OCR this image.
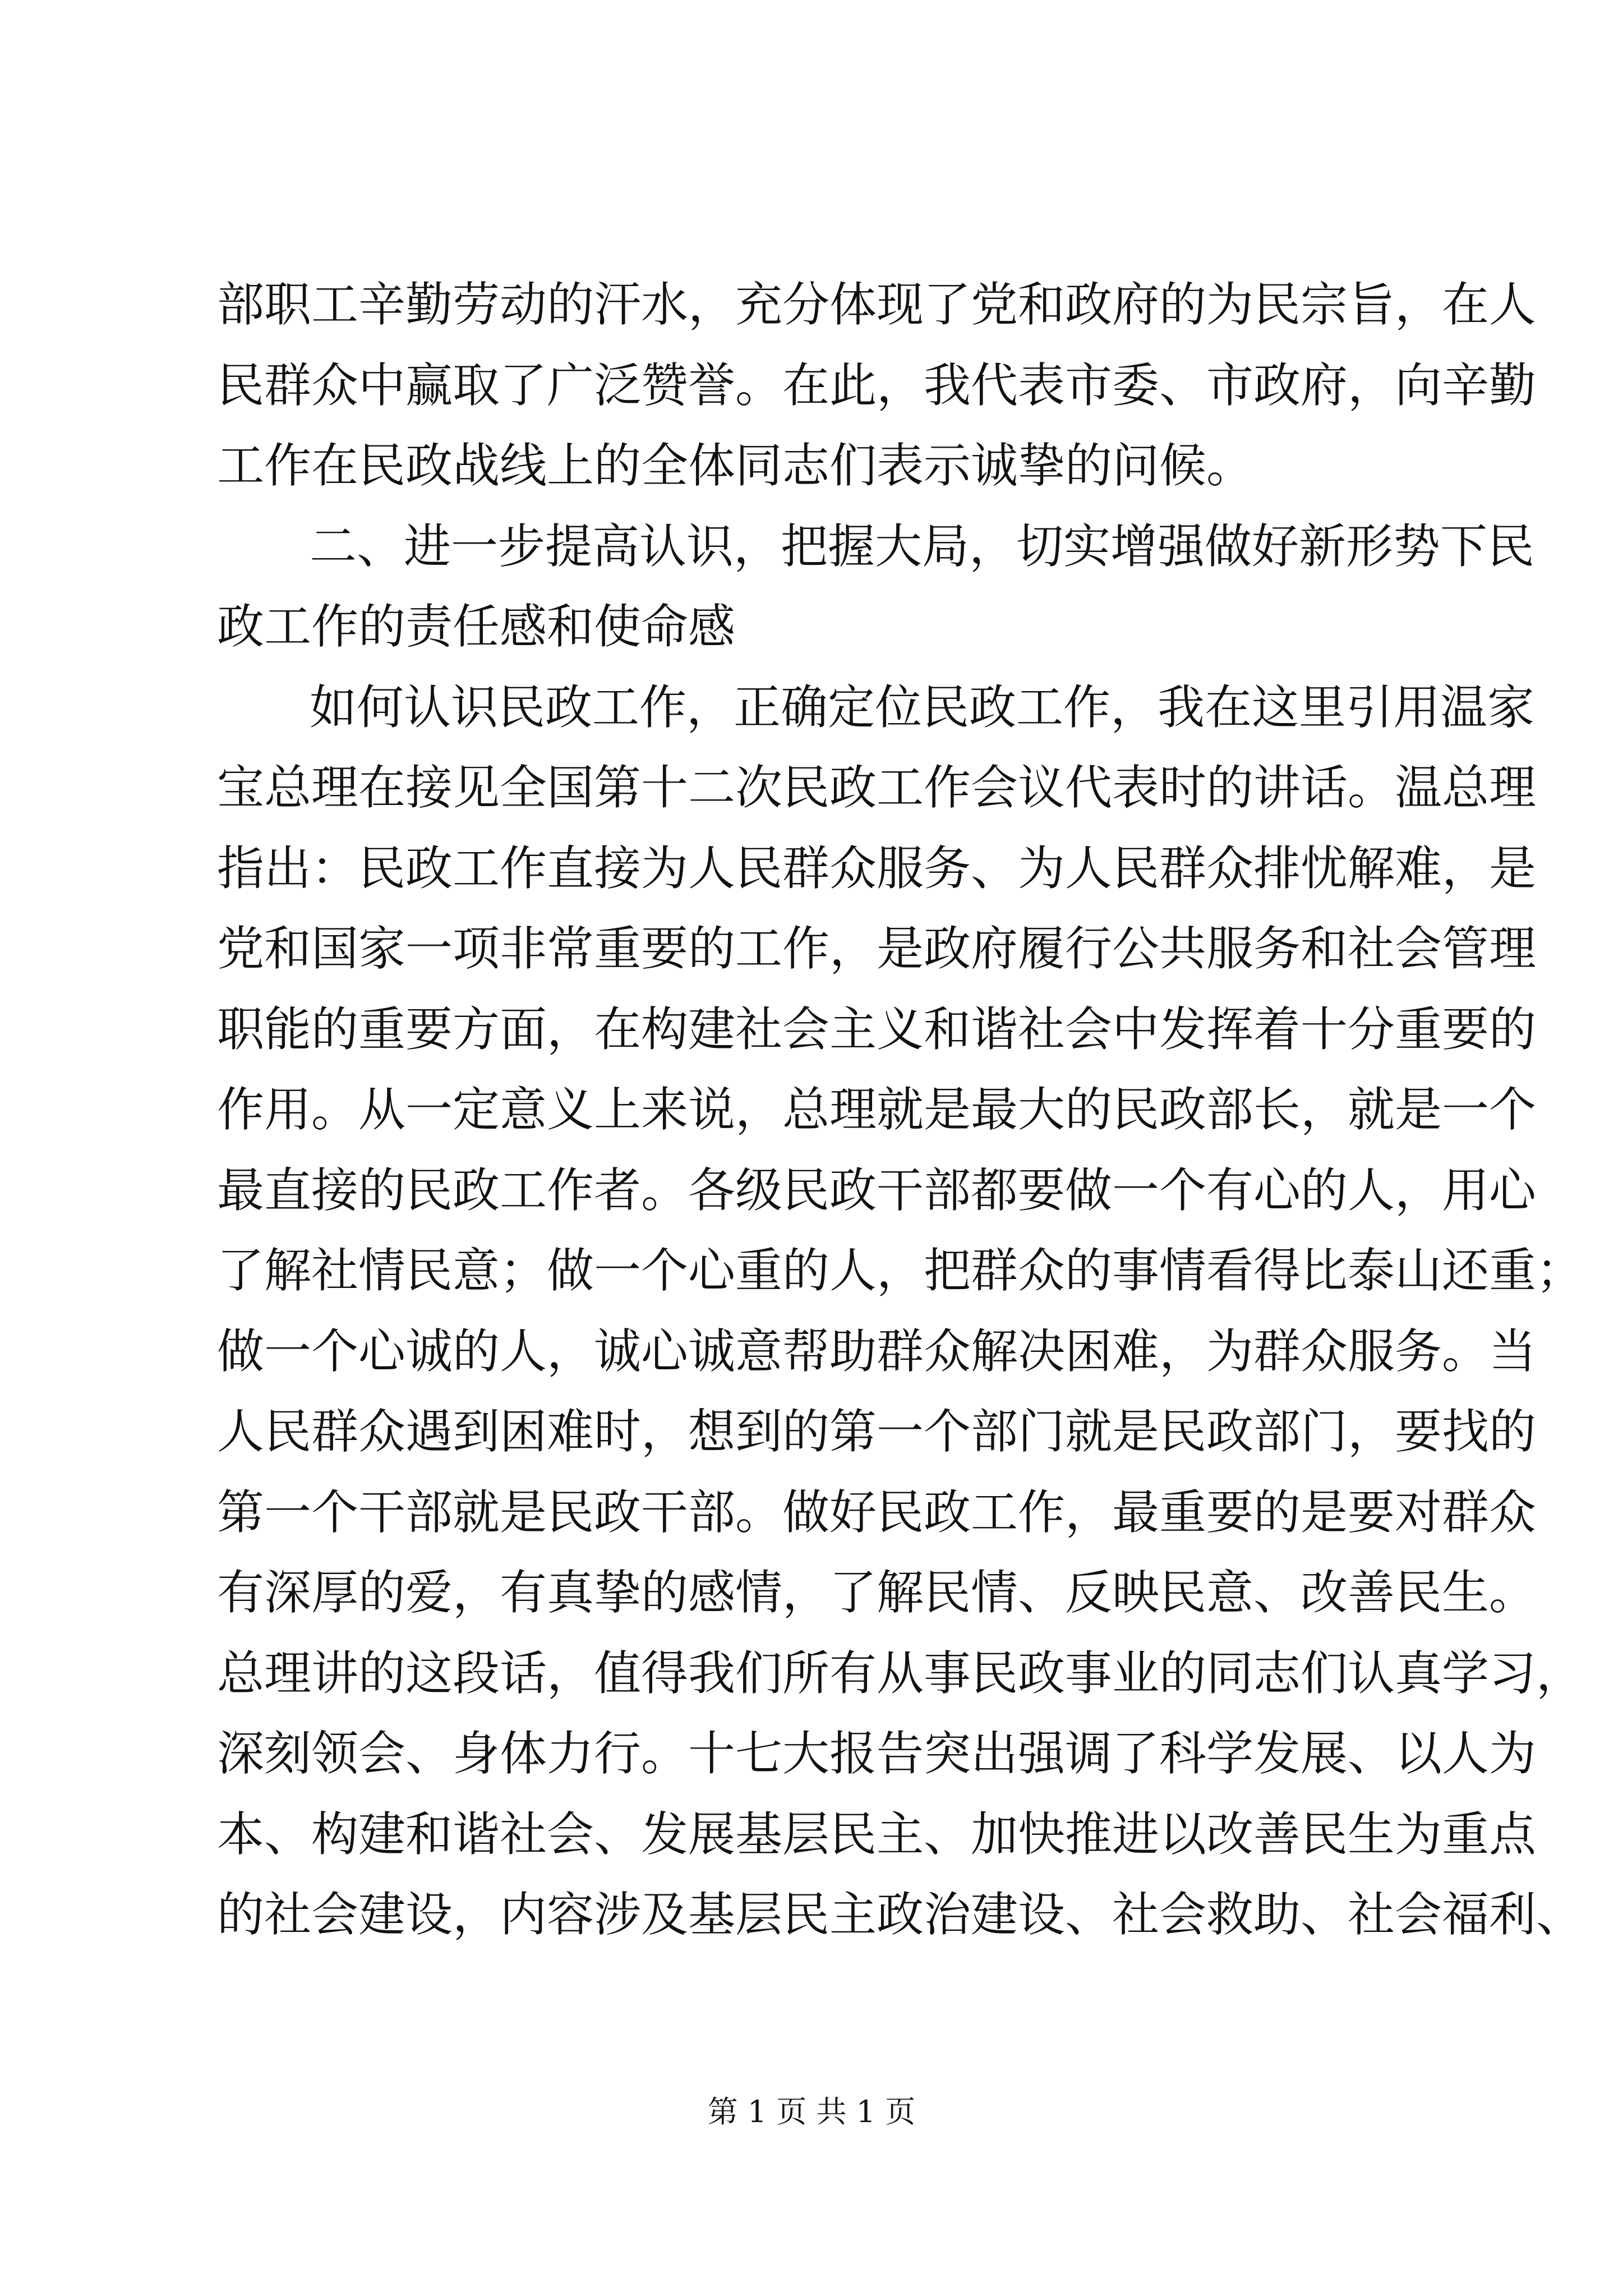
部职工辛勤劳动的汗水，充分体现了党和政府的为民宗旨，在人
民群众中赢取了广泛赞誉。在此，我代表市委、市政府，向辛勤
工作在民政战线上的全体同志们表示诚挚的问候。
二、进一步提高认识，把握大局，切实增强做好新形势下民
政工作的责任感和使命感
如何认识民政工作，正确定位民政工作，我在这里引用温家
宝总理在接见全国第十二次民政工作会议代表时的讲话。温总理
指出：民政工作直接为人民群众服务、为人民群众排忧解难，是
党和国家一项非常重要的工作，是政府履行公共服务和社会管理
职能的重要方面，在构建社会主义和谐社会中发挥着十分重要的
作用。从一定意义上来说，总理就是最大的民政部长，就是一个
最直接的民政工作者。各级民政干部都要做一个有心的人，用心
了解社情民意；做一个心重的人，把群众的事情看得比泰山还重；
做一个心诚的人，诚心诚意帮助群众解决困难，为群众服务。当
人民群众遇到困难时，想到的第一个部门就是民政部门，要找的
第一个干部就是民政干部。做好民政工作，最重要的是要对群众
有深厚的爱，有真挚的感情，了解民情、反映民意、改善民生。
总理讲的这段话，值得我们所有从事民政事业的同志们认真学习，
深刻领会、身体力行。十七大报告突出强调了科学发展、以人为
本、构建和谐社会、发展基层民主、加快推进以改善民生为重点
的社会建设，内容涉及基层民主政治建设、社会救助、社会福利、
第 1 页 共 1 页
